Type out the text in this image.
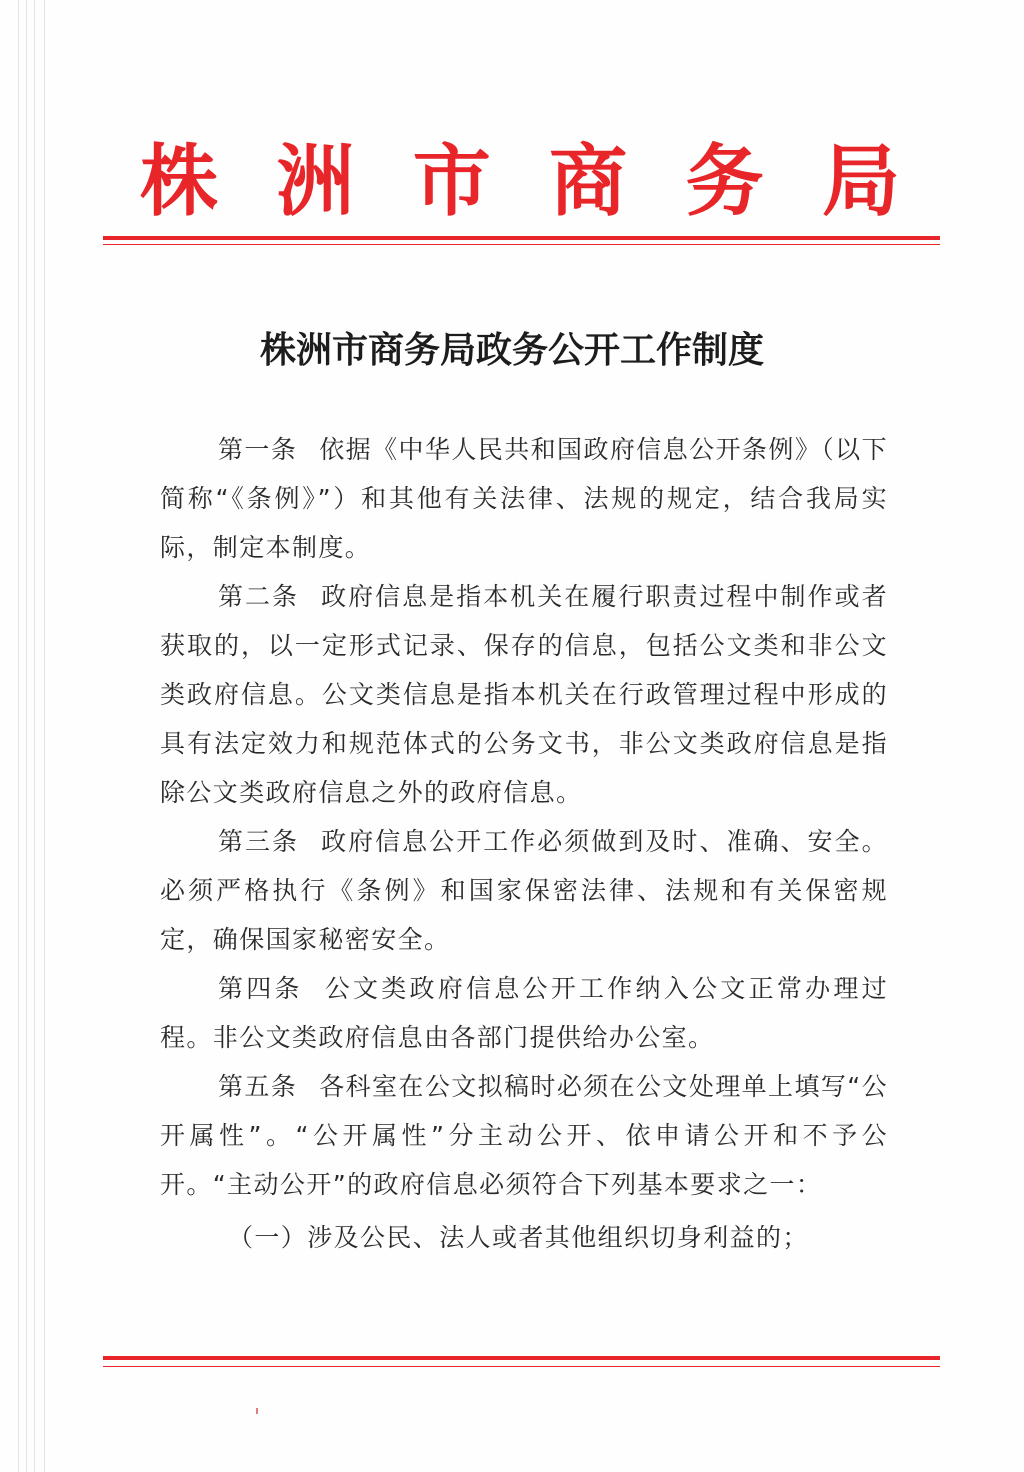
株 洲 市 商 务 局
株洲市商务局政务公开工作制度

第一条 依据《中华人民共和国政府信息公开条例》（以下简称“《条例》”）和其他有关法律、法规的规定，结合我局实际，制定本制度。

第二条 政府信息是指本机关在履行职责过程中制作或者获取的，以一定形式记录、保存的信息，包括公文类和非公文类政府信息。公文类信息是指本机关在行政管理过程中形成的具有法定效力和规范体式的公务文书，非公文类政府信息是指除公文类政府信息之外的政府信息。

第三条 政府信息公开工作必须做到及时、准确、安全。必须严格执行《条例》和国家保密法律、法规和有关保密规定，确保国家秘密安全。

第四条 公文类政府信息公开工作纳入公文正常办理过程。非公文类政府信息由各部门提供给办公室。

第五条 各科室在公文拟稿时必须在公文处理单上填写“公开属性”。“公开属性”分主动公开、依申请公开和不予公开。“主动公开”的政府信息必须符合下列基本要求之一：

（一）涉及公民、法人或者其他组织切身利益的；
